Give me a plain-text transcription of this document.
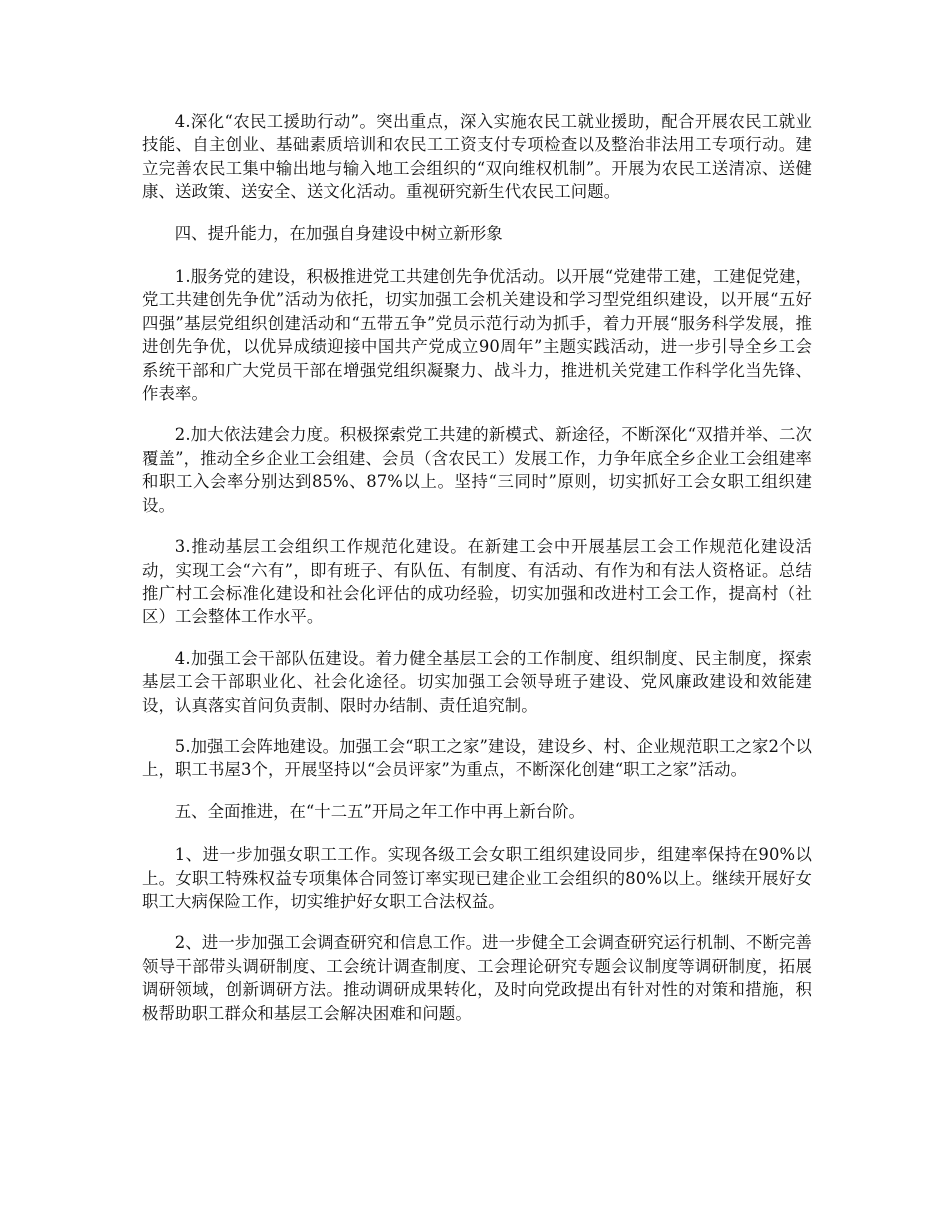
4.深化“农民工援助行动”。突出重点，深入实施农民工就业援助，配合开展农民工就业技能、自主创业、基础素质培训和农民工工资支付专项检查以及整治非法用工专项行动。建立完善农民工集中输出地与输入地工会组织的“双向维权机制”。开展为农民工送清凉、送健康、送政策、送安全、送文化活动。重视研究新生代农民工问题。

四、提升能力，在加强自身建设中树立新形象

1.服务党的建设，积极推进党工共建创先争优活动。以开展“党建带工建，工建促党建，党工共建创先争优”活动为依托，切实加强工会机关建设和学习型党组织建设，以开展“五好四强”基层党组织创建活动和“五带五争”党员示范行动为抓手，着力开展“服务科学发展，推进创先争优，以优异成绩迎接中国共产党成立90周年”主题实践活动，进一步引导全乡工会系统干部和广大党员干部在增强党组织凝聚力、战斗力，推进机关党建工作科学化当先锋、作表率。

2.加大依法建会力度。积极探索党工共建的新模式、新途径，不断深化“双措并举、二次覆盖”，推动全乡企业工会组建、会员（含农民工）发展工作，力争年底全乡企业工会组建率和职工入会率分别达到85%、87%以上。坚持“三同时”原则，切实抓好工会女职工组织建设。

3.推动基层工会组织工作规范化建设。在新建工会中开展基层工会工作规范化建设活动，实现工会“六有”，即有班子、有队伍、有制度、有活动、有作为和有法人资格证。总结推广村工会标准化建设和社会化评估的成功经验，切实加强和改进村工会工作，提高村（社区）工会整体工作水平。

4.加强工会干部队伍建设。着力健全基层工会的工作制度、组织制度、民主制度，探索基层工会干部职业化、社会化途径。切实加强工会领导班子建设、党风廉政建设和效能建设，认真落实首问负责制、限时办结制、责任追究制。

5.加强工会阵地建设。加强工会“职工之家”建设，建设乡、村、企业规范职工之家2个以上，职工书屋3个，开展坚持以“会员评家”为重点，不断深化创建“职工之家”活动。

五、全面推进，在“十二五”开局之年工作中再上新台阶。

1、进一步加强女职工工作。实现各级工会女职工组织建设同步，组建率保持在90%以上。女职工特殊权益专项集体合同签订率实现已建企业工会组织的80%以上。继续开展好女职工大病保险工作，切实维护好女职工合法权益。

2、进一步加强工会调查研究和信息工作。进一步健全工会调查研究运行机制、不断完善领导干部带头调研制度、工会统计调查制度、工会理论研究专题会议制度等调研制度，拓展调研领域，创新调研方法。推动调研成果转化，及时向党政提出有针对性的对策和措施，积极帮助职工群众和基层工会解决困难和问题。
